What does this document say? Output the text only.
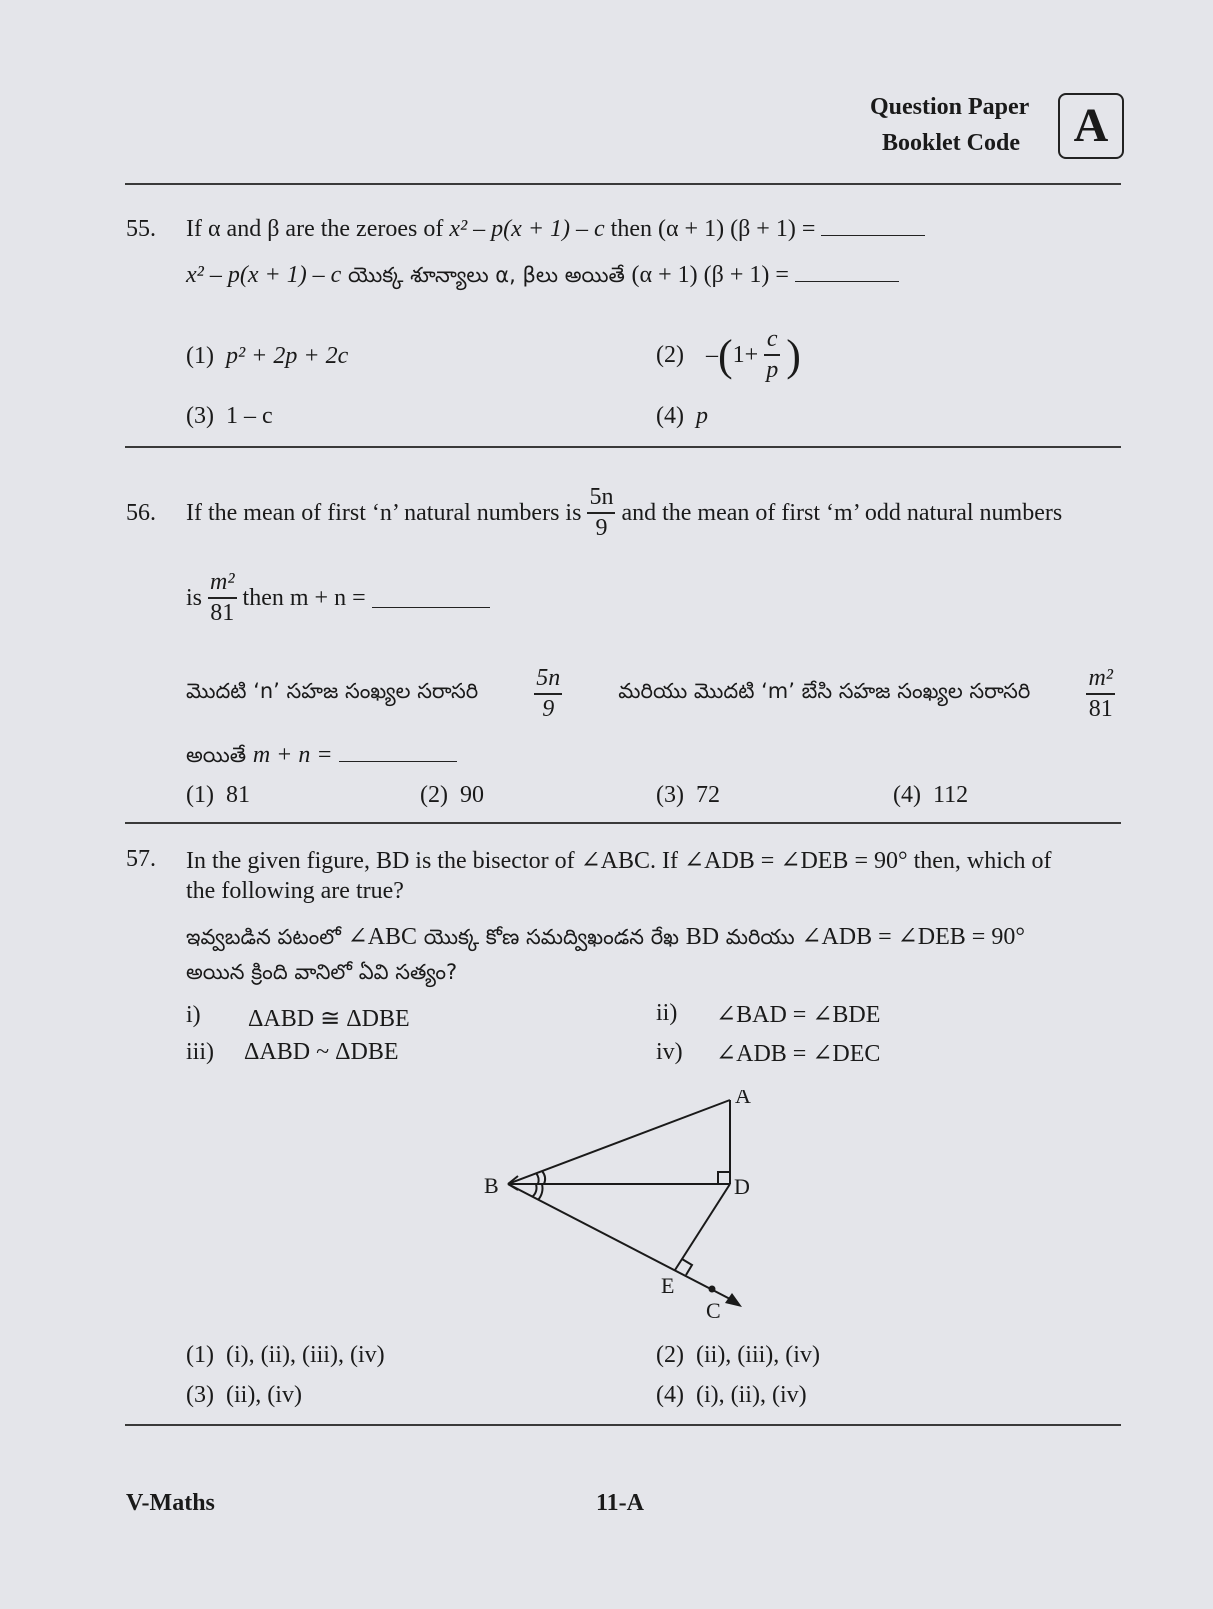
Question Paper
Booklet Code	A
55. If α and β are the zeroes of x² – p(x + 1) – c then (α + 1) (β + 1) =
x² – p(x + 1) – c యొక్క శూన్యాలు α, βలు అయితే (α + 1) (β + 1) =
(1) p² + 2p + 2c	(2) – ( $1+ \frac{c}{p}$ )
(3) 1 – c	(4) p
56. If the mean of first ‘n’ natural numbers is $\frac{5n}{9}$ and the mean of first ‘m’ odd natural numbers
is $\frac{\text{m²}}{81}$ then m + n =
మొదటి ‘n’ సహజ సంఖ్యల సరాసరి $\frac{5n}{9}$	మరియు మొదటి ‘m’ బేసి సహజ సంఖ్యల సరాసరి $\frac{\text{m²}}{81}$
అయితే m + n =
(1) 81	(2) 90	(3) 72	(4) 112
57. In the given figure, BD is the bisector of ∠ABC. If ∠ADB = ∠DEB = 90° then, which of
the following are true?
ఇవ్వబడిన పటంలో ∠ABC యొక్క కోణ సమద్విఖండన రేఖ BD మరియు ∠ADB = ∠DEB = 90°
అయిన క్రింది వానిలో ఏవి సత్యం?
i) ΔABD ≅ ΔDBE	ii) ∠BAD = ∠BDE
iii) ΔABD ~ ΔDBE	iv) ∠ADB = ∠DEC
A
B	D
E
C
(1) (i), (ii), (iii), (iv)	(2) (ii), (iii), (iv)
(3) (ii), (iv)	(4) (i), (ii), (iv)
V-Maths	11-A
